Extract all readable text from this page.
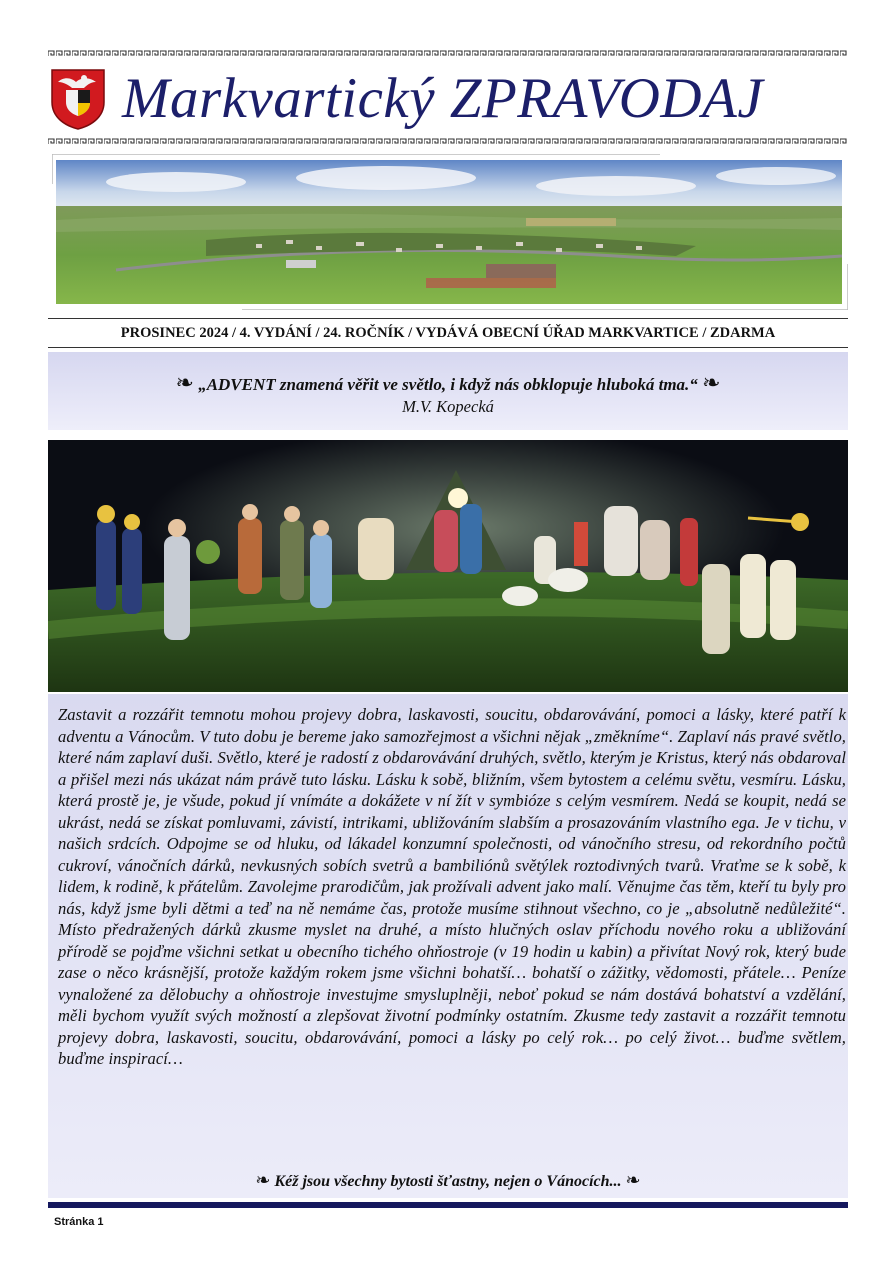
Markvartický ZPRAVODAJ
PROSINEC 2024 / 4. VYDÁNÍ / 24. ROČNÍK / VYDÁVÁ OBECNÍ ÚŘAD MARKVARTICE / ZDARMA
❧ „ADVENT znamená věřit ve světlo, i když nás obklopuje hluboká tma.“ ❧
M.V. Kopecká
Zastavit a rozzářit temnotu mohou projevy dobra, laskavosti, soucitu, obdarovávání, pomoci a lásky, které patří k adventu a Vánocům. V tuto dobu je bereme jako samozřejmost a všichni nějak „změkníme“. Zaplaví nás pravé světlo, které nám zaplaví duši. Světlo, které je radostí z obdarovávání druhých, světlo, kterým je Kristus, který nás obdaroval a přišel mezi nás ukázat nám právě tuto lásku. Lásku k sobě, bližním, všem bytostem a celému světu, vesmíru. Lásku, která prostě je, je všude, pokud jí vnímáte a dokážete v ní žít v symbióze s celým vesmírem. Nedá se koupit, nedá se ukrást, nedá se získat pomluvami, závistí, intrikami, ubližováním slabším a prosazováním vlastního ega. Je v tichu, v našich srdcích. Odpojme se od hluku, od lákadel konzumní společnosti, od vánočního stresu, od rekordního počtů cukroví, vánočních dárků, nevkusných sobích svetrů a bambiliónů světýlek roztodivných tvarů. Vraťme se k sobě, k lidem, k rodině, k přátelům. Zavolejme prarodičům, jak prožívali advent jako malí. Věnujme čas těm, kteří tu byly pro nás, když jsme byli dětmi a teď na ně nemáme čas, protože musíme stihnout všechno, co je „absolutně nedůležité“. Místo předražených dárků zkusme myslet na druhé, a místo hlučných oslav příchodu nového roku a ubližování přírodě se pojďme všichni setkat u obecního tichého ohňostroje (v 19 hodin u kabin) a přivítat Nový rok, který bude zase o něco krásnější, protože každým rokem jsme všichni bohatší… bohatší o zážitky, vědomosti, přátele… Peníze vynaložené za dělobuchy a ohňostroje investujme smysluplněji, neboť pokud se nám dostává bohatství a vzdělání, měli bychom využít svých možností a zlepšovat životní podmínky ostatním. Zkusme tedy zastavit a rozzářit temnotu projevy dobra, laskavosti, soucitu, obdarovávání, pomoci a lásky po celý rok… po celý život… buďme světlem, buďme inspirací…
❧ Kéž jsou všechny bytosti šťastny, nejen o Vánocích... ❧
Stránka 1
